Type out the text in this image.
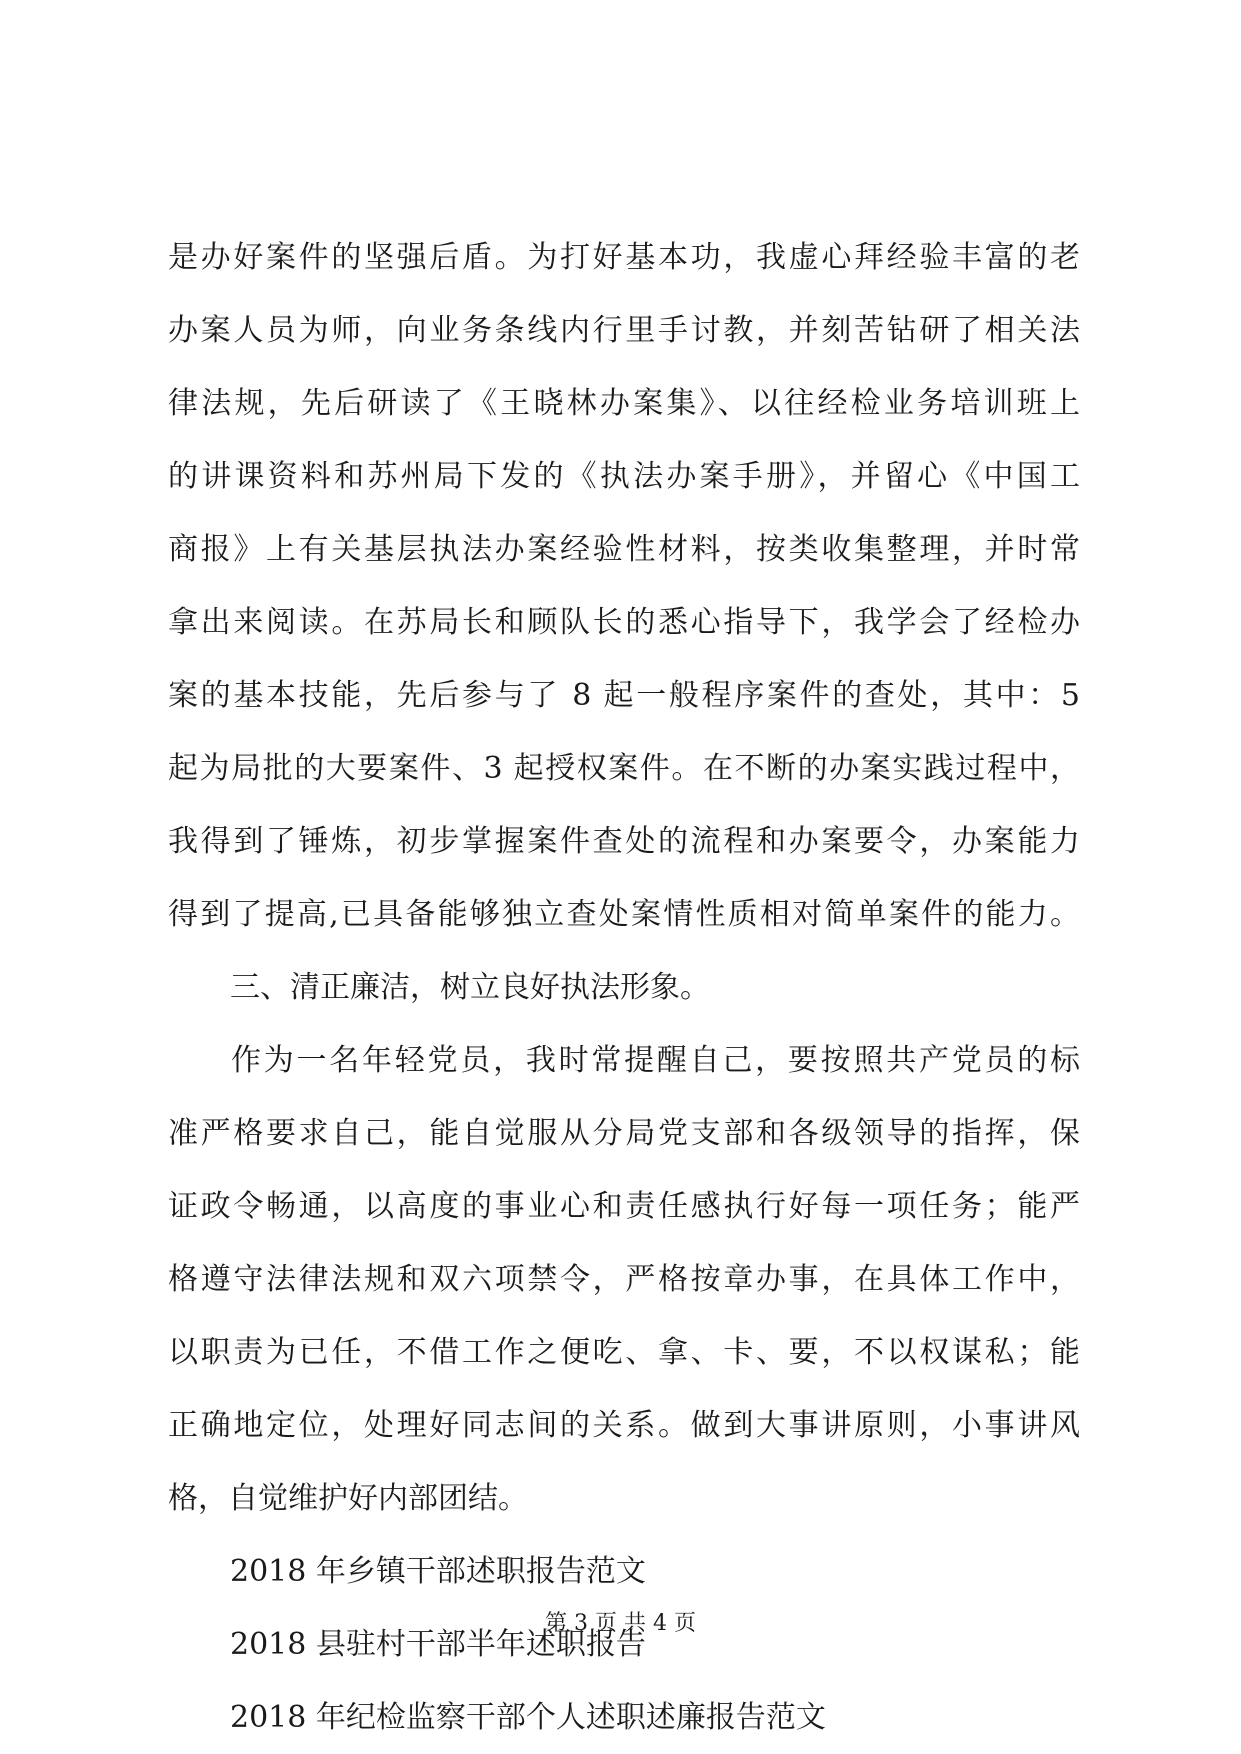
是办好案件的坚强后盾。为打好基本功，我虚心拜经验丰富的老

办案人员为师，向业务条线内行里手讨教，并刻苦钻研了相关法

律法规，先后研读了《王晓林办案集》、以往经检业务培训班上

的讲课资料和苏州局下发的《执法办案手册》，并留心《中国工

商报》上有关基层执法办案经验性材料，按类收集整理，并时常

拿出来阅读。在苏局长和顾队长的悉心指导下，我学会了经检办

案的基本技能，先后参与了 8 起一般程序案件的查处，其中：5

起为局批的大要案件、3 起授权案件。在不断的办案实践过程中，

我得到了锤炼，初步掌握案件查处的流程和办案要令，办案能力

得到了提高,已具备能够独立查处案情性质相对简单案件的能力。

三、清正廉洁，树立良好执法形象。

作为一名年轻党员，我时常提醒自己，要按照共产党员的标

准严格要求自己，能自觉服从分局党支部和各级领导的指挥，保

证政令畅通，以高度的事业心和责任感执行好每一项任务；能严

格遵守法律法规和双六项禁令，严格按章办事，在具体工作中，

以职责为已任，不借工作之便吃、拿、卡、要，不以权谋私；能

正确地定位，处理好同志间的关系。做到大事讲原则，小事讲风

格，自觉维护好内部团结。

2018 年乡镇干部述职报告范文

2018 县驻村干部半年述职报告

2018 年纪检监察干部个人述职述廉报告范文

第 3 页 共 4 页
